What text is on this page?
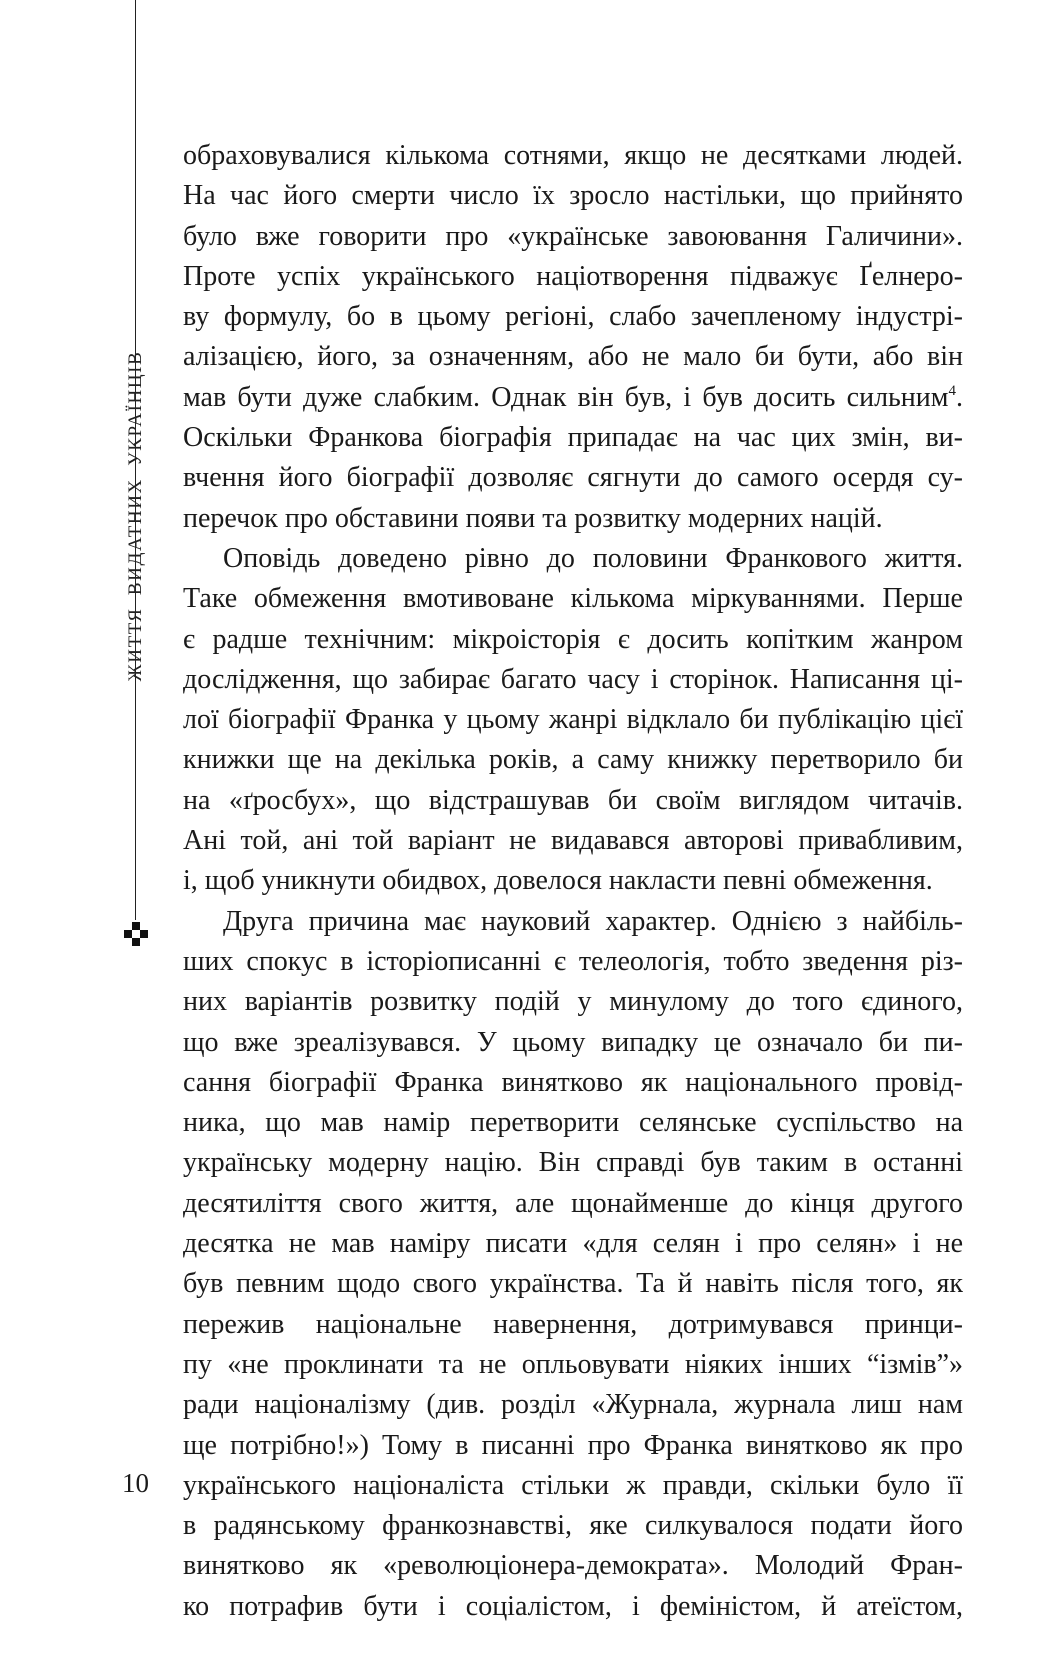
ЖИТТЯ ВИДАТНИХ УКРАЇНЦІВ
10
обраховувалися кількома сотнями, якщо не десятками людей.
На час його смерти число їх зросло настільки, що прийнято
було вже говорити про «українське завоювання Галичини».
Проте успіх українського націотворення підважує Ґелнеро-
ву формулу, бо в цьому регіоні, слабо зачепленому індустрі-
алізацією, його, за означенням, або не мало би бути, або він
мав бути дуже слабким. Однак він був, і був досить сильним$^4$.
Оскільки Франкова біографія припадає на час цих змін, ви-
вчення його біографії дозволяє сягнути до самого осердя су-
перечок про обставини появи та розвитку модерних націй.
Оповідь доведено рівно до половини Франкового життя.
Таке обмеження вмотивоване кількома міркуваннями. Перше
є радше технічним: мікроісторія є досить копітким жанром
дослідження, що забирає багато часу і сторінок. Написання ці-
лої біографії Франка у цьому жанрі відклало би публікацію цієї
книжки ще на декілька років, а саму книжку перетворило би
на «ґросбух», що відстрашував би своїм виглядом читачів.
Ані той, ані той варіант не видавався авторові привабливим,
і, щоб уникнути обидвох, довелося накласти певні обмеження.
Друга причина має науковий характер. Однією з найбіль-
ших спокус в історіописанні є телеологія, тобто зведення різ-
них варіантів розвитку подій у минулому до того єдиного,
що вже зреалізувався. У цьому випадку це означало би пи-
сання біографії Франка винятково як національного провід-
ника, що мав намір перетворити селянське суспільство на
українську модерну націю. Він справді був таким в останні
десятиліття свого життя, але щонайменше до кінця другого
десятка не мав наміру писати «для селян і про селян» і не
був певним щодо свого українства. Та й навіть після того, як
пережив національне навернення, дотримувався принци-
пу «не проклинати та не опльовувати ніяких інших “ізмів”»
ради націоналізму (див. розділ «Журнала, журнала лиш нам
ще потрібно!») Тому в писанні про Франка винятково як про
українського націоналіста стільки ж правди, скільки було її
в радянському франкознавстві, яке силкувалося подати його
винятково як «революціонера-демократа». Молодий Фран-
ко потрафив бути і соціалістом, і феміністом, й атеїстом,
